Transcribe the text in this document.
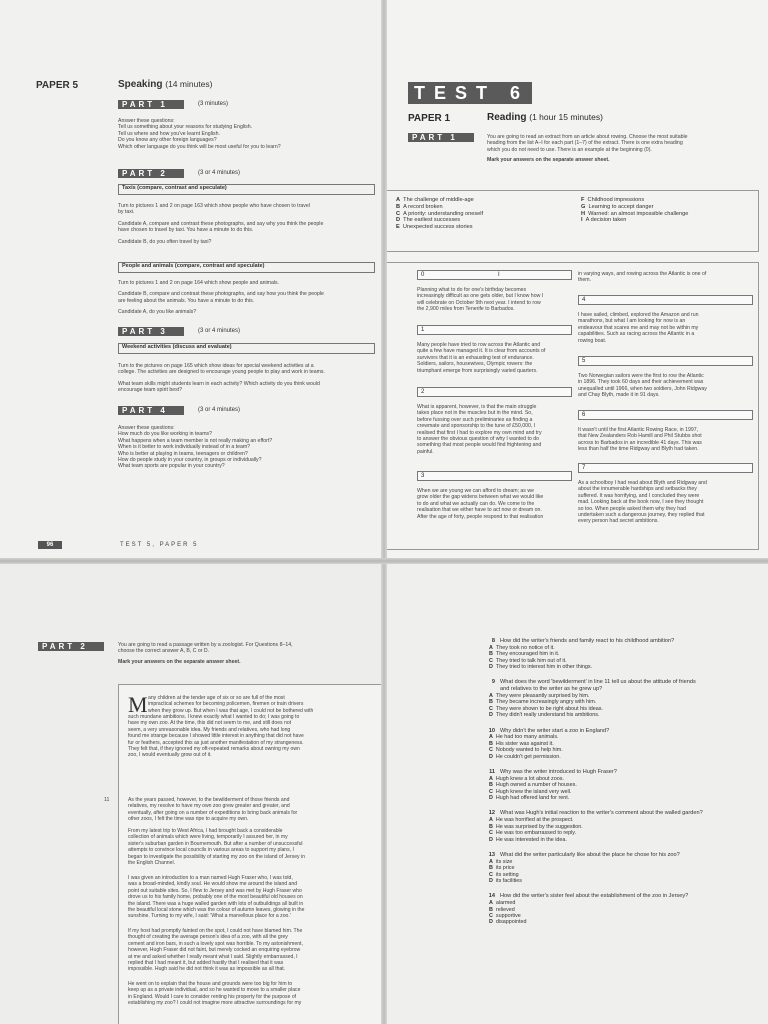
PAPER 5	Speaking (14 minutes)
PART 1	(3 minutes)
Answer these questions:
Tell us something about your reasons for studying English.
Tell us where and how you've learnt English.
Do you know any other foreign languages?
Which other language do you think will be most useful for you to learn?
PART 2	(3 or 4 minutes)
Taxis (compare, contrast and speculate)
Turn to pictures 1 and 2 on page 163 which show people who have chosen to travel
by taxi.
Candidate A, compare and contrast these photographs, and say why you think the people
have chosen to travel by taxi. You have a minute to do this.
Candidate B, do you often travel by taxi?
People and animals (compare, contrast and speculate)
Turn to pictures 1 and 2 on page 164 which show people and animals.
Candidate B, compare and contrast these photographs, and say how you think the people
are feeling about the animals. You have a minute to do this.
Candidate A, do you like animals?
PART 3	(3 or 4 minutes)
Weekend activities (discuss and evaluate)
Turn to the pictures on page 165 which show ideas for special weekend activities at a
college. The activities are designed to encourage young people to play and work in teams.
What team skills might students learn in each activity? Which activity do you think would
encourage team spirit best?
PART 4	(3 or 4 minutes)
Answer these questions:
How much do you like working in teams?
What happens when a team member is not really making an effort?
When is it better to work individually instead of in a team?
Who is better at playing in teams, teenagers or children?
How do people study in your country, in groups or individually?
What team sports are popular in your country?
96	TEST 5, PAPER 5
TEST 6
PAPER 1	Reading (1 hour 15 minutes)
PART 1	You are going to read an extract from an article about rowing. Choose the most suitable
heading from the list A–I for each part (1–7) of the extract. There is one extra heading
which you do not need to use. There is an example at the beginning (0).
Mark your answers on the separate answer sheet.
A The challenge of middle-age
B A record broken
C A priority: understanding oneself
D The earliest successes
E Unexpected success stories
F Childhood impressions
G Learning to accept danger
H Warned: an almost impossible challenge
I A decision taken
0	I
Planning what to do for one's birthday becomes
increasingly difficult as one gets older, but I know how I
will celebrate on October 9th next year. I intend to row
the 2,900 miles from Tenerife to Barbados.
1
Many people have tried to row across the Atlantic and
quite a few have managed it. It is clear from accounts of
survivors that it is an exhausting test of endurance.
Soldiers, sailors, housewives, Olympic rowers: the
triumphant emerge from surprisingly varied quarters.
2
What is apparent, however, is that the main struggle
takes place not in the muscles but in the mind. So,
before fussing over such preliminaries as finding a
crewmate and sponsorship to the tune of £50,000, I
realised that first I had to explore my own mind and try
to answer the obvious question of why I wanted to do
something that most people would find frightening and
painful.
3
When we are young we can afford to dream; as we
grow older the gap widens between what we would like
to do and what we actually can do. We come to the
realisation that we either have to act now or dream on.
After the age of forty, people respond to that realisation
in varying ways, and rowing across the Atlantic is one of
them.
4
I have sailed, climbed, explored the Amazon and run
marathons, but what I am looking for now is an
endeavour that scares me and may not be within my
capabilities. Such as racing across the Atlantic in a
rowing boat.
5
Two Norwegian sailors were the first to row the Atlantic
in 1896. They took 60 days and their achievement was
unequalled until 1966, when two soldiers, John Ridgway
and Chay Blyth, made it in 91 days.
6
It wasn't until the first Atlantic Rowing Race, in 1997,
that New Zealanders Rob Hamill and Phil Stubbs shot
across to Barbados in an incredible 41 days. This was
less than half the time Ridgway and Blyth had taken.
7
As a schoolboy I had read about Blyth and Ridgway and
about the innumerable hardships and setbacks they
suffered. It was horrifying, and I concluded they were
mad. Looking back at the book now, I see they thought
so too. When people asked them why they had
undertaken such a dangerous journey, they replied that
every person had secret ambitions.
PART 2	You are going to read a passage written by a zoologist. For Questions 8–14,
choose the correct answer A, B, C or D.
Mark your answers on the separate answer sheet.
M any children at the tender age of six or so are full of the most
impractical schemes for becoming policemen, firemen or train drivers
when they grow up. But when I was that age, I could not be bothered with
such mundane ambitions. I knew exactly what I wanted to do; I was going to
have my own zoo. At the time, this did not seem to me, and still does not
seem, a very unreasonable idea. My friends and relatives, who had long
found me strange because I showed little interest in anything that did not have
fur or feathers, accepted this as just another manifestation of my strangeness.
They felt that, if they ignored my oft-repeated remarks about owning my own
zoo, I would eventually grow out of it.
11	As the years passed, however, to the bewilderment of those friends and
relatives, my resolve to have my own zoo grew greater and greater, and
eventually, after going on a number of expeditions to bring back animals for
other zoos, I felt the time was ripe to acquire my own.
From my latest trip to West Africa, I had brought back a considerable
collection of animals which were living, temporarily I assured her, in my
sister's suburban garden in Bournemouth. But after a number of unsuccessful
attempts to convince local councils in various areas to support my plans, I
began to investigate the possibility of starting my zoo on the island of Jersey in
the English Channel.
I was given an introduction to a man named Hugh Fraser who, I was told,
was a broad-minded, kindly soul. He would show me around the island and
point out suitable sites. So, I flew to Jersey and was met by Hugh Fraser who
drove us to his family home, probably one of the most beautiful old houses on
the island. There was a huge walled garden with lots of outbuildings all built in
the beautiful local stone which was the colour of autumn leaves, glowing in the
sunshine. Turning to my wife, I said: 'What a marvellous place for a zoo.'
If my host had promptly fainted on the spot, I could not have blamed him. The
thought of creating the average person's idea of a zoo, with all the grey
cement and iron bars, in such a lovely spot was horrible. To my astonishment,
however, Hugh Fraser did not faint, but merely cocked an enquiring eyebrow
at me and asked whether I really meant what I said. Slightly embarrassed, I
replied that I had meant it, but added hastily that I realised that it was
impossible. Hugh said he did not think it was as impossible as all that.
He went on to explain that the house and grounds were too big for him to
keep up as a private individual, and so he wanted to move to a smaller place
in England. Would I care to consider renting his property for the purpose of
establishing my zoo? I could not imagine more attractive surroundings for my
8 How did the writer's friends and family react to his childhood ambition?
A They took no notice of it.
B They encouraged him in it.
C They tried to talk him out of it.
D They tried to interest him in other things.
9 What does the word 'bewilderment' in line 11 tell us about the attitude of friends
and relatives to the writer as he grew up?
A They were pleasantly surprised by him.
B They became increasingly angry with him.
C They were shown to be right about his ideas.
D They didn't really understand his ambitions.
10 Why didn't the writer start a zoo in England?
A He had too many animals.
B His sister was against it.
C Nobody wanted to help him.
D He couldn't get permission.
11 Why was the writer introduced to Hugh Fraser?
A Hugh knew a lot about zoos.
B Hugh owned a number of houses.
C Hugh knew the island very well.
D Hugh had offered land for rent.
12 What was Hugh's initial reaction to the writer's comment about the walled garden?
A He was horrified at the prospect.
B He was surprised by the suggestion.
C He was too embarrassed to reply.
D He was interested in the idea.
13 What did the writer particularly like about the place he chose for his zoo?
A its size
B its price
C its setting
D its facilities
14 How did the writer's sister feel about the establishment of the zoo in Jersey?
A alarmed
B relieved
C supportive
D disappointed
